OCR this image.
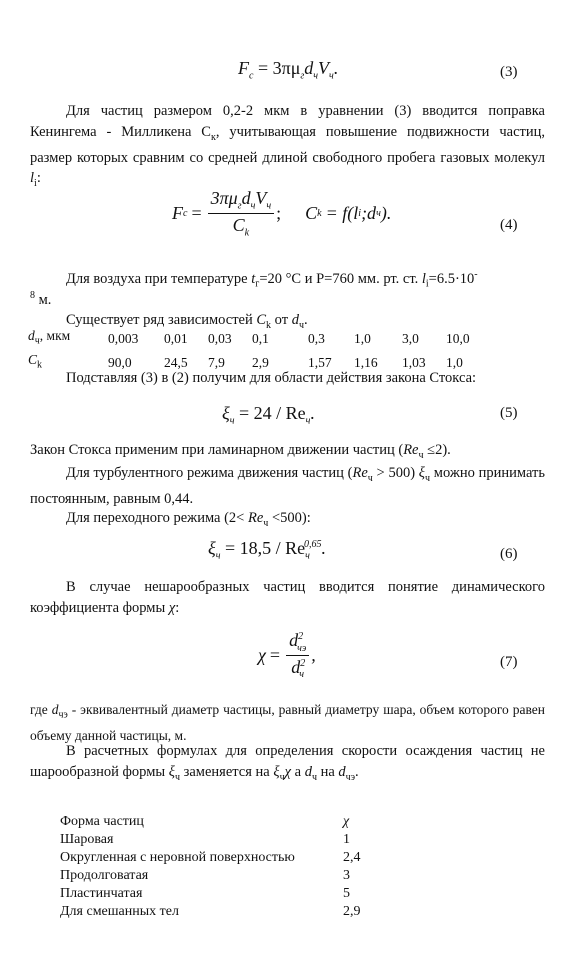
$F_c = 3\pi\mu_гd_чV_ч$.	(3)
Для частиц размером 0,2-2 мкм в уравнении (3) вводится поправка Кенингема - Милликена $C_к$, учитывающая повышение подвижности частиц, размер которых сравним со средней длиной свободного пробега газовых молекул $l_i$:
F $c = \frac{3\pi\mu_гd_чV_ч}{C_k}$ ; C k = f(l i ;d ч ).
(4)
Для воздуха при температуре $t_г=20$ °C и P=760 мм. рт. ст. $l_i=6.5\cdot 10^-$
$^8$ м.
Существует ряд зависимостей $C_k$ от $d_ч$.
$d_ч$, мкм	0,003	0,01	0,03	0,1	0,3	1,0	3,0	10,0
$C_k$	90,0	24,5	7,9	2,9	1,57	1,16	1,03	1,0
Подставляя (3) в (2) получим для области действия закона Стокса:
$\xi_ч = 24 / Re_ч$.	(5)
Закон Стокса применим при ламинарном движении частиц $(Re_ч \le 2)$.
Для турбулентного режима движения частиц $(Re_ч > 500)$ $\xi_ч$ можно принимать постоянным, равным 0,44.
Для переходного режима $(2< Re_ч <500)$:
$\xi_ч = 18,5 / Re_ч^{0,65}$.	(6)
В случае нешарообразных частиц вводится понятие динамического коэффициента формы χ:
$\chi = \frac{d^2_{чэ}}{d^2_ч}$ ,	(7)
где $d_{чэ}$ - эквивалентный диаметр частицы, равный диаметру шара, объем которого равен объему данной частицы, м.
В расчетных формулах для определения скорости осаждения частиц не шарообразной формы $\xi_ч$ заменяется на $\xi_ч\chi$ а $d_ч$ на $d_{чэ}$.
Форма частиц	χ
Шаровая	1
Округленная с неровной поверхностью	2,4
Продолговатая	3
Пластинчатая	5
Для смешанных тел	2,9
